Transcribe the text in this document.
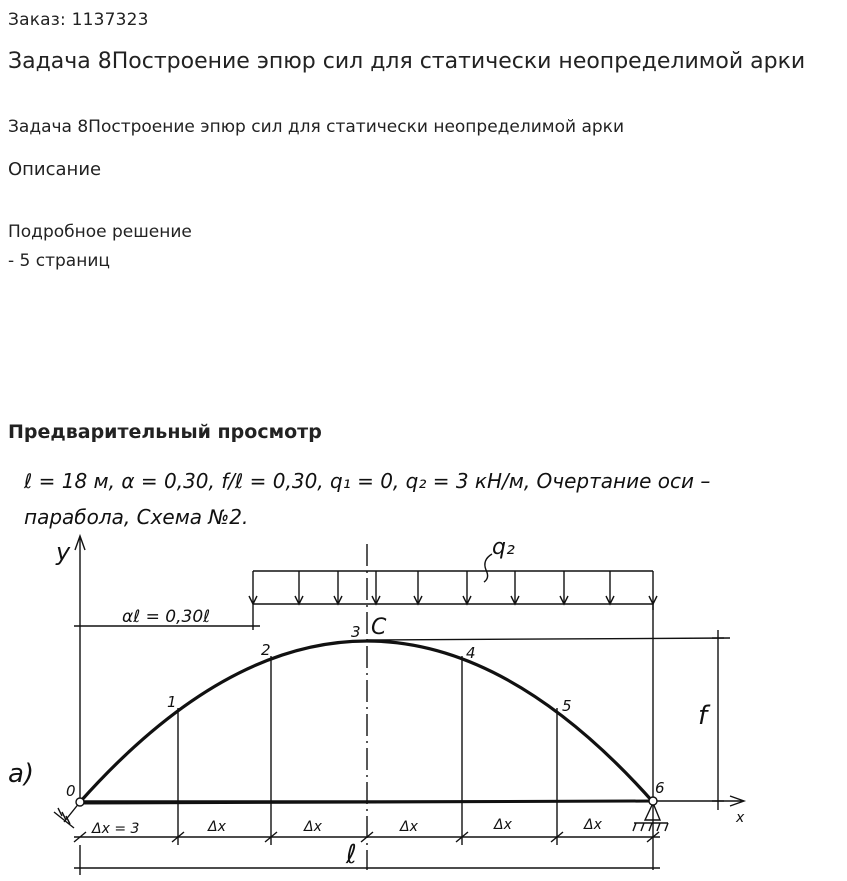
Заказ: 1137323
Задача 8Построение эпюр сил для статически неопределимой арки
Задача 8Построение эпюр сил для статически неопределимой арки
Описание
Подробное решение
- 5 страниц
Предварительный просмотр
ℓ = 18 м, α = 0,30, f/ℓ = 0,30, q₁ = 0, q₂ = 3 кН/м, Очертание оси –
парабола, Схема №2.
y
x
q₂
αℓ = 0,30ℓ	C
f
ℓ
a)
0
1
2
3
4
5
6
Δx = 3	Δx	Δx	Δx	Δx	Δx
